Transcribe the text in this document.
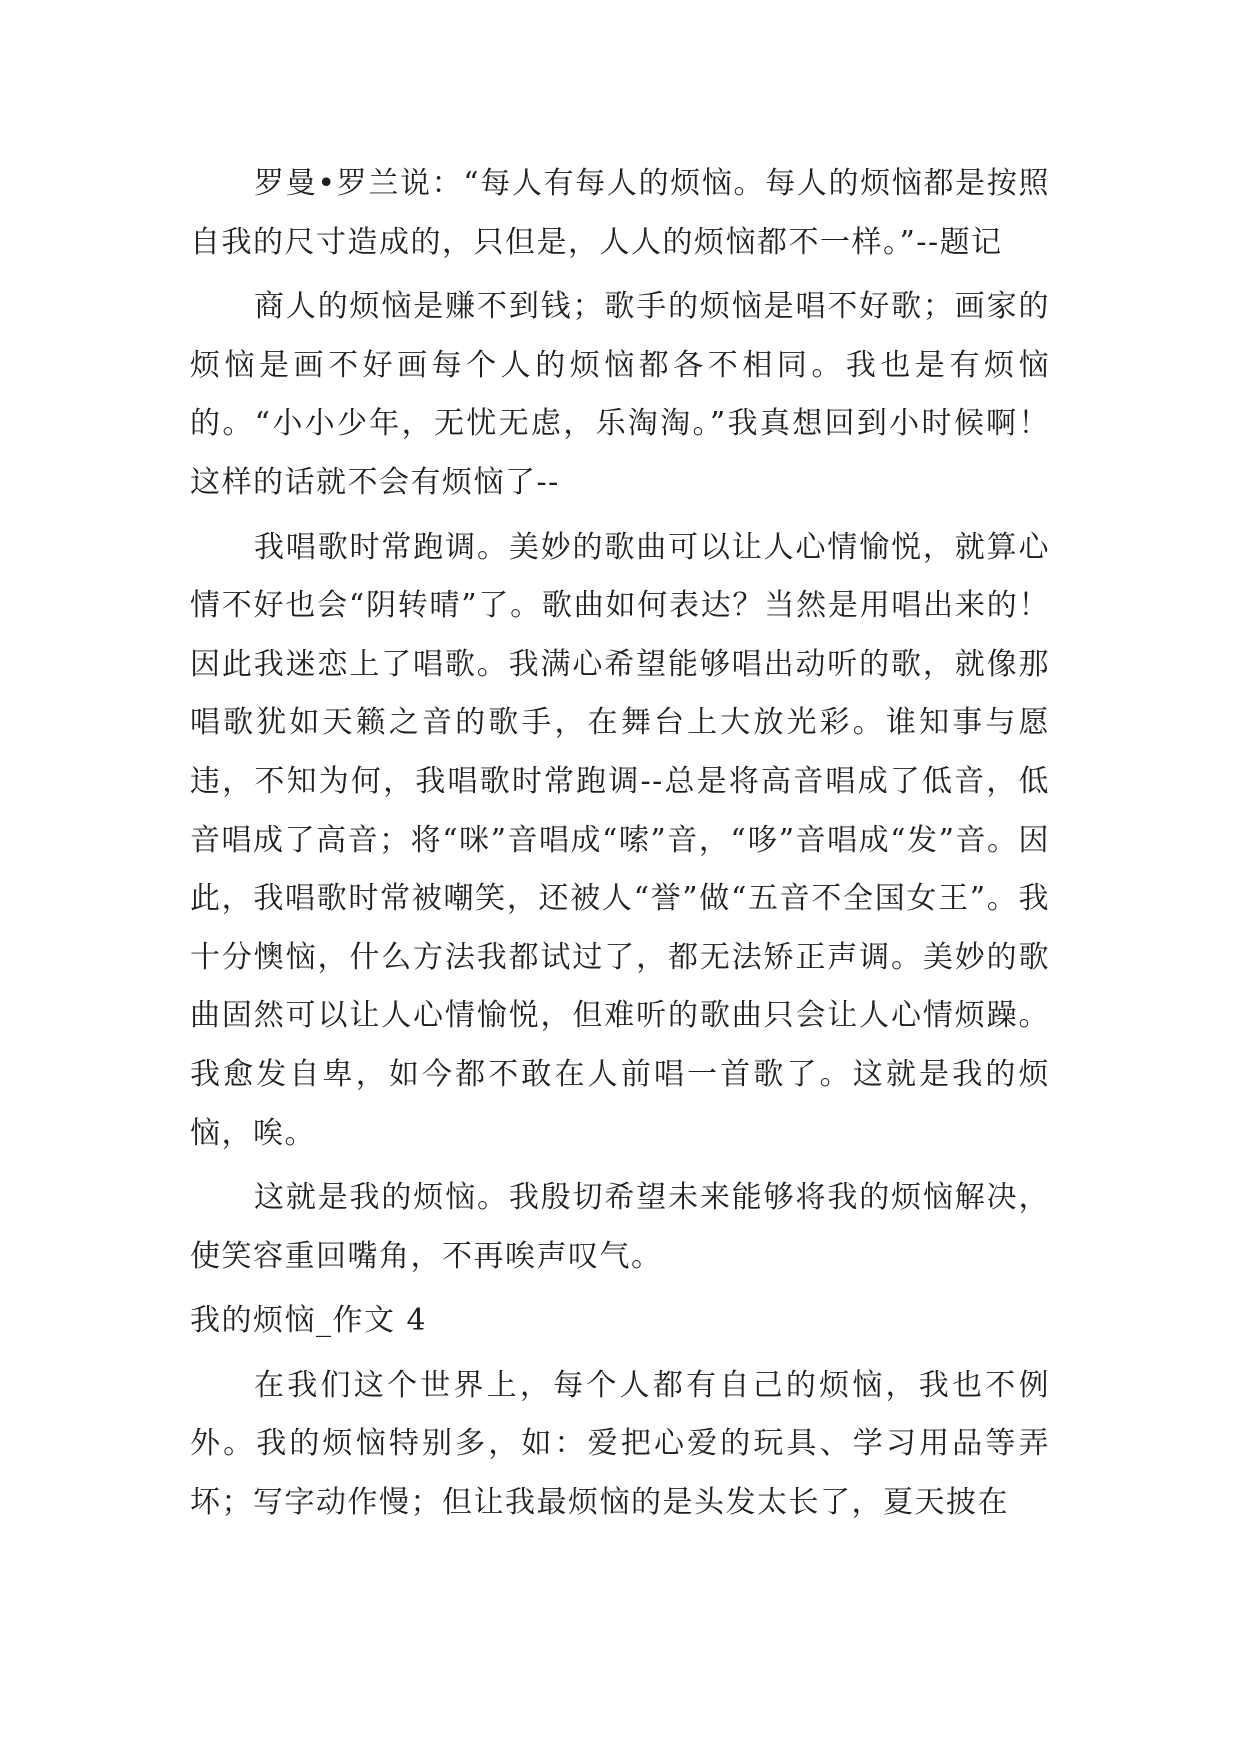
罗曼•罗兰说：“每人有每人的烦恼。每人的烦恼都是按照自我的尺寸造成的，只但是，人人的烦恼都不一样。”--题记

商人的烦恼是赚不到钱；歌手的烦恼是唱不好歌；画家的烦恼是画不好画每个人的烦恼都各不相同。我也是有烦恼的。“小小少年，无忧无虑，乐淘淘。”我真想回到小时候啊！这样的话就不会有烦恼了--

我唱歌时常跑调。美妙的歌曲可以让人心情愉悦，就算心情不好也会“阴转晴”了。歌曲如何表达？当然是用唱出来的！因此我迷恋上了唱歌。我满心希望能够唱出动听的歌，就像那唱歌犹如天籁之音的歌手，在舞台上大放光彩。谁知事与愿违，不知为何，我唱歌时常跑调--总是将高音唱成了低音，低音唱成了高音；将“咪”音唱成“嗦”音，“哆”音唱成“发”音。因此，我唱歌时常被嘲笑，还被人“誉”做“五音不全国女王”。我十分懊恼，什么方法我都试过了，都无法矫正声调。美妙的歌曲固然可以让人心情愉悦，但难听的歌曲只会让人心情烦躁。我愈发自卑，如今都不敢在人前唱一首歌了。这就是我的烦恼，唉。

这就是我的烦恼。我殷切希望未来能够将我的烦恼解决，使笑容重回嘴角，不再唉声叹气。

我的烦恼_作文 4

在我们这个世界上，每个人都有自己的烦恼，我也不例外。我的烦恼特别多，如：爱把心爱的玩具、学习用品等弄坏；写字动作慢；但让我最烦恼的是头发太长了，夏天披在
